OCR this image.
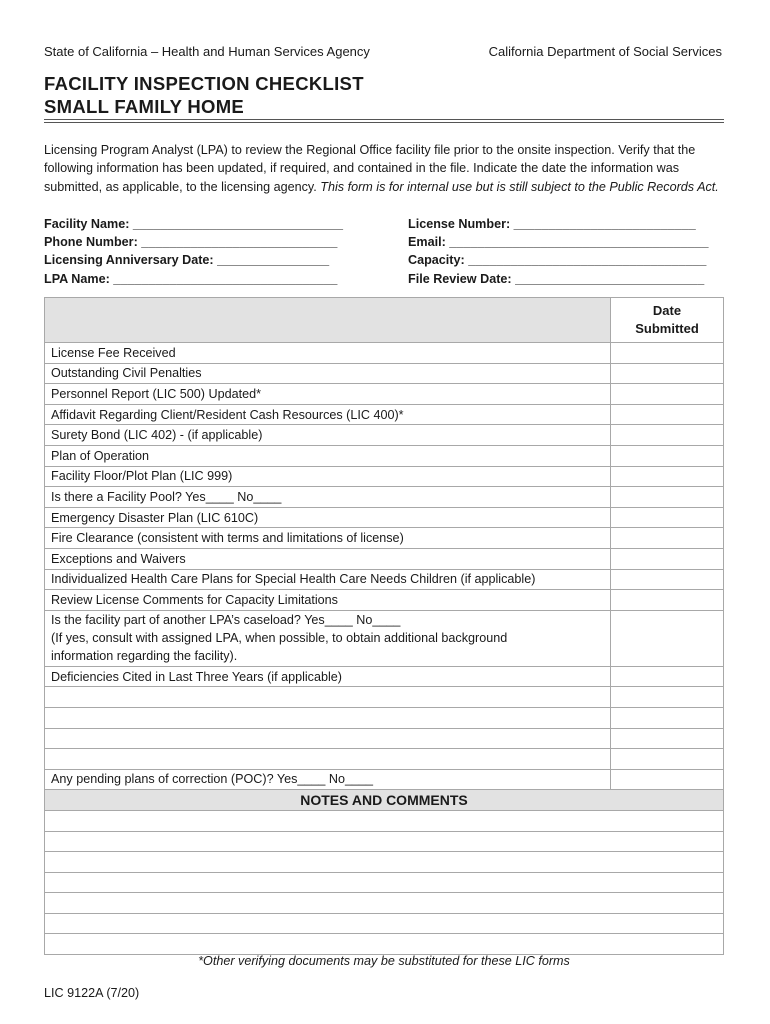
State of California – Health and Human Services Agency	California Department of Social Services
FACILITY INSPECTION CHECKLIST
SMALL FAMILY HOME
Licensing Program Analyst (LPA) to review the Regional Office facility file prior to the onsite inspection. Verify that the following information has been updated, if required, and contained in the file. Indicate the date the information was submitted, as applicable, to the licensing agency. This form is for internal use but is still subject to the Public Records Act.
Facility Name: ______________________________
Phone Number: ____________________________
Licensing Anniversary Date: ________________
LPA Name: ________________________________
License Number: __________________________
Email: _____________________________________
Capacity: __________________________________
File Review Date: ___________________________

	Date
Submitted

License Fee Received	
Outstanding Civil Penalties	
Personnel Report (LIC 500) Updated*	
Affidavit Regarding Client/Resident Cash Resources (LIC 400)*	
Surety Bond (LIC 402) - (if applicable)	
Plan of Operation	
Facility Floor/Plot Plan (LIC 999)	
Is there a Facility Pool? Yes____ No____	
Emergency Disaster Plan (LIC 610C)	
Fire Clearance (consistent with terms and limitations of license)	
Exceptions and Waivers	
Individualized Health Care Plans for Special Health Care Needs Children (if applicable)	
Review License Comments for Capacity Limitations	

Is the facility part of another LPA’s caseload? Yes____ No____
(If yes, consult with assigned LPA, when possible, to obtain additional background
information regarding the facility).	

Deficiencies Cited in Last Three Years (if applicable)	

Any pending plans of correction (POC)? Yes____ No____	
NOTES AND COMMENTS	

*Other verifying documents may be substituted for these LIC forms
LIC 9122A (7/20)
